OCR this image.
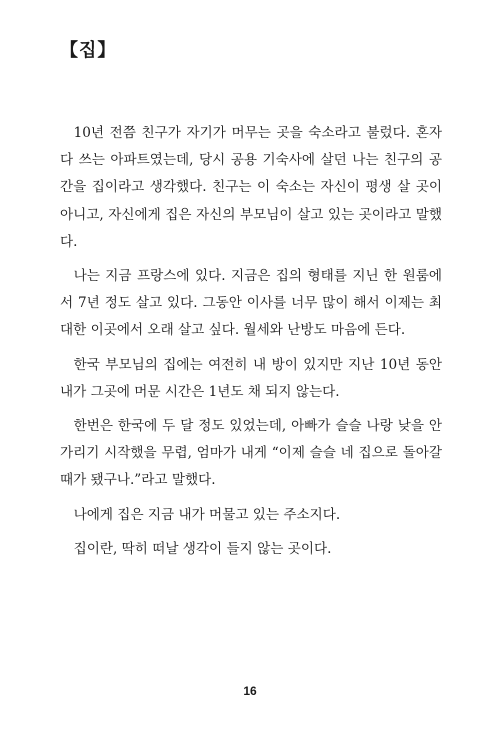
【집】

10년 전쯤 친구가 자기가 머무는 곳을 숙소라고 불렀다. 혼자 다 쓰는 아파트였는데, 당시 공용 기숙사에 살던 나는 친구의 공간을 집이라고 생각했다. 친구는 이 숙소는 자신이 평생 살 곳이 아니고, 자신에게 집은 자신의 부모님이 살고 있는 곳이라고 말했다.

나는 지금 프랑스에 있다. 지금은 집의 형태를 지닌 한 원룸에서 7년 정도 살고 있다. 그동안 이사를 너무 많이 해서 이제는 최대한 이곳에서 오래 살고 싶다. 월세와 난방도 마음에 든다.

한국 부모님의 집에는 여전히 내 방이 있지만 지난 10년 동안 내가 그곳에 머문 시간은 1년도 채 되지 않는다.

한번은 한국에 두 달 정도 있었는데, 아빠가 슬슬 나랑 낮을 안 가리기 시작했을 무렵, 엄마가 내게 “이제 슬슬 네 집으로 돌아갈 때가 됐구나.”라고 말했다.

나에게 집은 지금 내가 머물고 있는 주소지다.

집이란, 딱히 떠날 생각이 들지 않는 곳이다.

16
